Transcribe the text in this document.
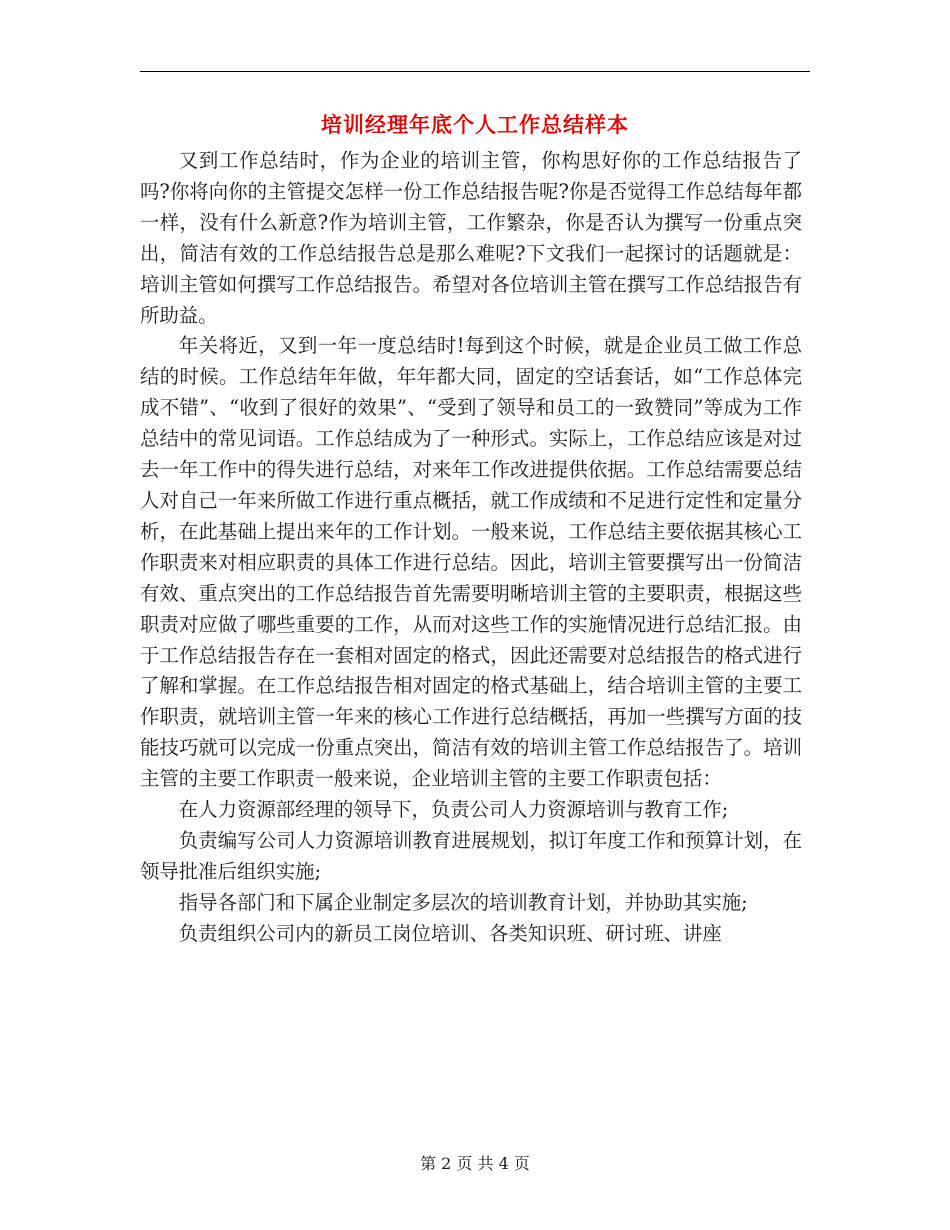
培训经理年底个人工作总结样本

又到工作总结时，作为企业的培训主管，你构思好你的工作总结报告了吗?你将向你的主管提交怎样一份工作总结报告呢?你是否觉得工作总结每年都一样，没有什么新意?作为培训主管，工作繁杂，你是否认为撰写一份重点突出，简洁有效的工作总结报告总是那么难呢?下文我们一起探讨的话题就是：培训主管如何撰写工作总结报告。希望对各位培训主管在撰写工作总结报告有所助益。

年关将近，又到一年一度总结时!每到这个时候，就是企业员工做工作总结的时候。工作总结年年做，年年都大同，固定的空话套话，如“工作总体完成不错”、“收到了很好的效果”、“受到了领导和员工的一致赞同”等成为工作总结中的常见词语。工作总结成为了一种形式。实际上，工作总结应该是对过去一年工作中的得失进行总结，对来年工作改进提供依据。工作总结需要总结人对自己一年来所做工作进行重点概括，就工作成绩和不足进行定性和定量分析，在此基础上提出来年的工作计划。一般来说，工作总结主要依据其核心工作职责来对相应职责的具体工作进行总结。因此，培训主管要撰写出一份简洁有效、重点突出的工作总结报告首先需要明晰培训主管的主要职责，根据这些职责对应做了哪些重要的工作，从而对这些工作的实施情况进行总结汇报。由于工作总结报告存在一套相对固定的格式，因此还需要对总结报告的格式进行了解和掌握。在工作总结报告相对固定的格式基础上，结合培训主管的主要工作职责，就培训主管一年来的核心工作进行总结概括，再加一些撰写方面的技能技巧就可以完成一份重点突出，简洁有效的培训主管工作总结报告了。培训主管的主要工作职责一般来说，企业培训主管的主要工作职责包括：

在人力资源部经理的领导下，负责公司人力资源培训与教育工作;

负责编写公司人力资源培训教育进展规划，拟订年度工作和预算计划，在领导批准后组织实施;

指导各部门和下属企业制定多层次的培训教育计划，并协助其实施;

负责组织公司内的新员工岗位培训、各类知识班、研讨班、讲座

第 2 页 共 4 页
